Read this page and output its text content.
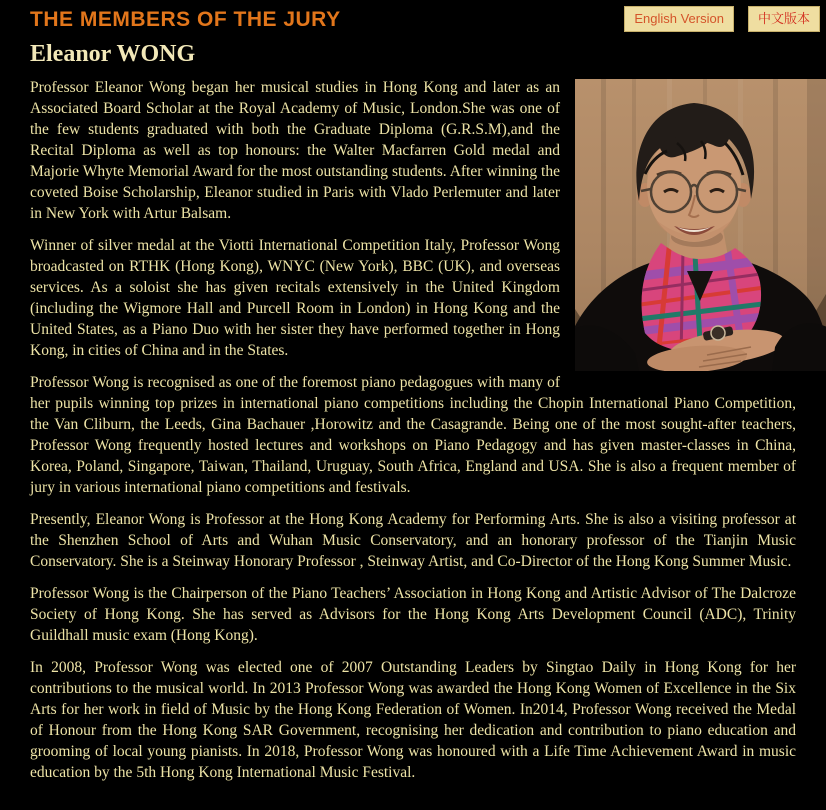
THE MEMBERS OF THE JURY	English Version	中文版本
Eleanor WONG

Professor Eleanor Wong began her musical studies in Hong Kong and later as an Associated Board Scholar at the Royal Academy of Music, London.She was one of the few students graduated with both the Graduate Diploma (G.R.S.M),and the Recital Diploma as well as top honours: the Walter Macfarren Gold medal and Majorie Whyte Memorial Award for the most outstanding students. After winning the coveted Boise Scholarship, Eleanor studied in Paris with Vlado Perlemuter and later in New York with Artur Balsam.

Winner of silver medal at the Viotti International Competition Italy, Professor Wong broadcasted on RTHK (Hong Kong), WNYC (New York), BBC (UK), and overseas services. As a soloist she has given recitals extensively in the United Kingdom (including the Wigmore Hall and Purcell Room in London) in Hong Kong and the United States, as a Piano Duo with her sister they have performed together in Hong Kong, in cities of China and in the States.

Professor Wong is recognised as one of the foremost piano pedagogues with many of her pupils winning top prizes in international piano competitions including the Chopin International Piano Competition, the Van Cliburn, the Leeds, Gina Bachauer ,Horowitz and the Casagrande. Being one of the most sought-after teachers, Professor Wong frequently hosted lectures and workshops on Piano Pedagogy and has given master-classes in China, Korea, Poland, Singapore, Taiwan, Thailand, Uruguay, South Africa, England and USA. She is also a frequent member of jury in various international piano competitions and festivals.

Presently, Eleanor Wong is Professor at the Hong Kong Academy for Performing Arts. She is also a visiting professor at the Shenzhen School of Arts and Wuhan Music Conservatory, and an honorary professor of the Tianjin Music Conservatory. She is a Steinway Honorary Professor , Steinway Artist, and Co-Director of the Hong Kong Summer Music.

Professor Wong is the Chairperson of the Piano Teachers’ Association in Hong Kong and Artistic Advisor of The Dalcroze Society of Hong Kong. She has served as Advisors for the Hong Kong Arts Development Council (ADC), Trinity Guildhall music exam (Hong Kong).

In 2008, Professor Wong was elected one of 2007 Outstanding Leaders by Singtao Daily in Hong Kong for her contributions to the musical world. In 2013 Professor Wong was awarded the Hong Kong Women of Excellence in the Six Arts for her work in field of Music by the Hong Kong Federation of Women. In2014, Professor Wong received the Medal of Honour from the Hong Kong SAR Government, recognising her dedication and contribution to piano education and grooming of local young pianists. In 2018, Professor Wong was honoured with a Life Time Achievement Award in music education by the 5th Hong Kong International Music Festival.
